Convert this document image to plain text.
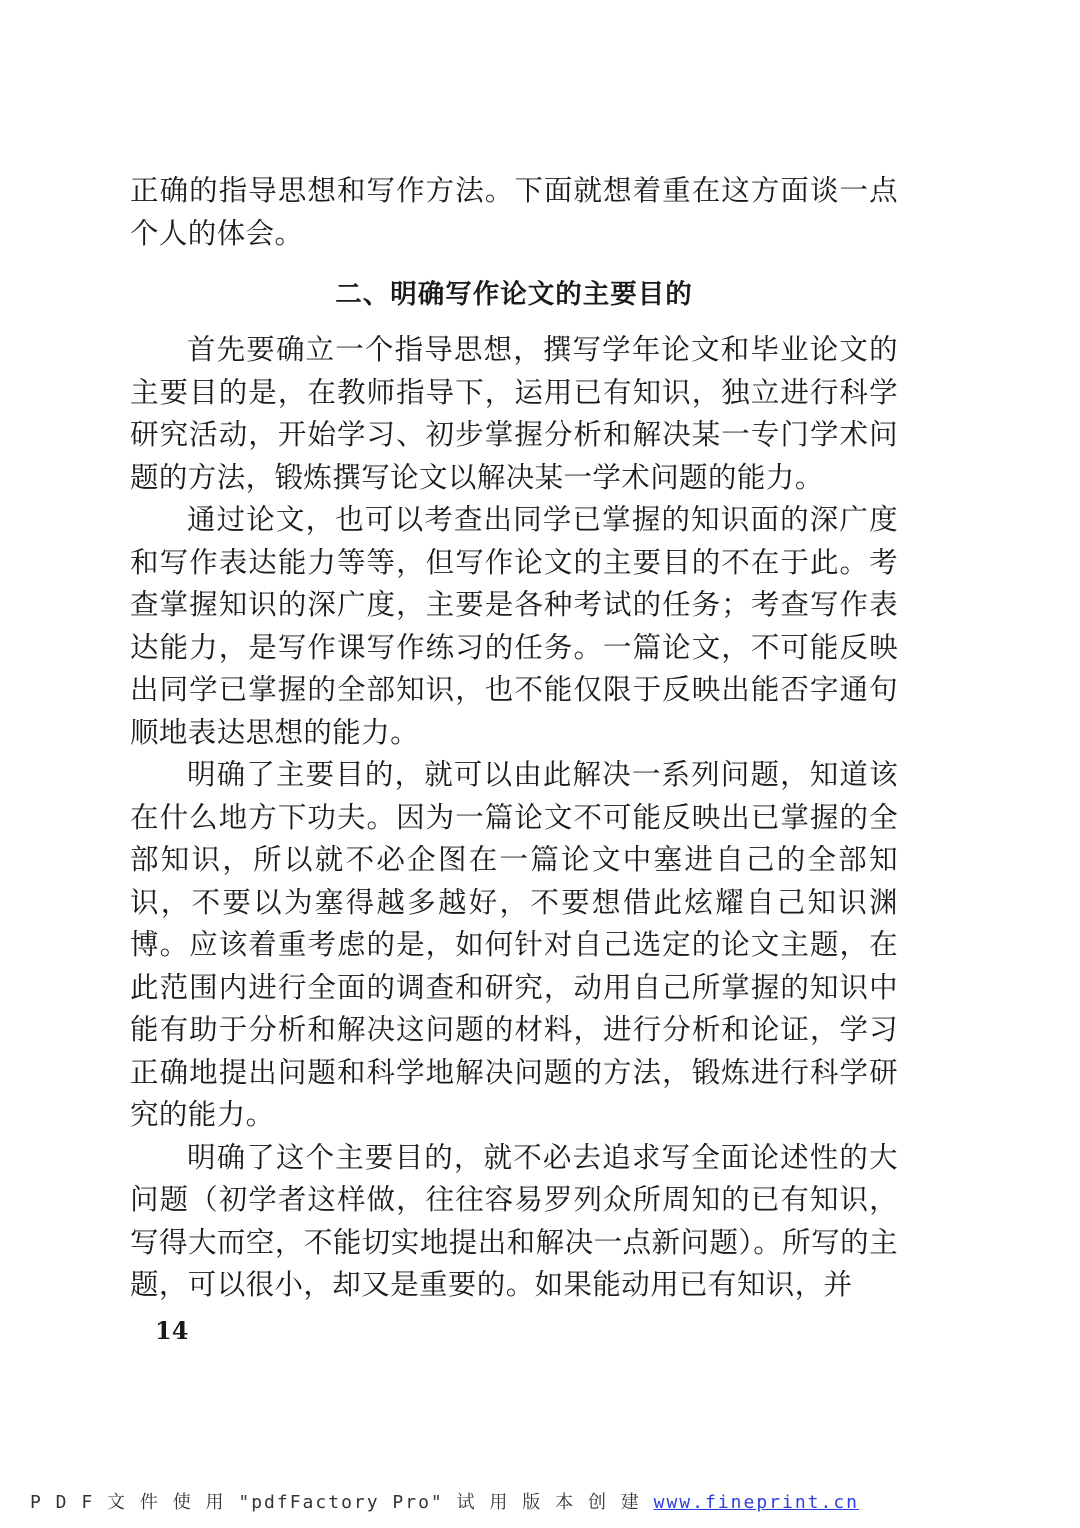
正确的指导思想和写作方法。下面就想着重在这方面谈一点个人的体会。

二、明确写作论文的主要目的

首先要确立一个指导思想，撰写学年论文和毕业论文的主要目的是，在教师指导下，运用已有知识，独立进行科学研究活动，开始学习、初步掌握分析和解决某一专门学术问题的方法，锻炼撰写论文以解决某一学术问题的能力。

通过论文，也可以考查出同学已掌握的知识面的深广度和写作表达能力等等，但写作论文的主要目的不在于此。考查掌握知识的深广度，主要是各种考试的任务；考查写作表达能力，是写作课写作练习的任务。一篇论文，不可能反映出同学已掌握的全部知识，也不能仅限于反映出能否字通句顺地表达思想的能力。

明确了主要目的，就可以由此解决一系列问题，知道该在什么地方下功夫。因为一篇论文不可能反映出已掌握的全部知识，所以就不必企图在一篇论文中塞进自己的全部知识，不要以为塞得越多越好，不要想借此炫耀自己知识渊博。应该着重考虑的是，如何针对自己选定的论文主题，在此范围内进行全面的调查和研究，动用自己所掌握的知识中能有助于分析和解决这问题的材料，进行分析和论证，学习正确地提出问题和科学地解决问题的方法，锻炼进行科学研究的能力。

明确了这个主要目的，就不必去追求写全面论述性的大问题（初学者这样做，往往容易罗列众所周知的已有知识，写得大而空，不能切实地提出和解决一点新问题）。所写的主题，可以很小，却又是重要的。如果能动用已有知识，并

14
P D F 文 件 使 用 "pdfFactory Pro" 试 用 版 本 创 建 www.fineprint.cn
